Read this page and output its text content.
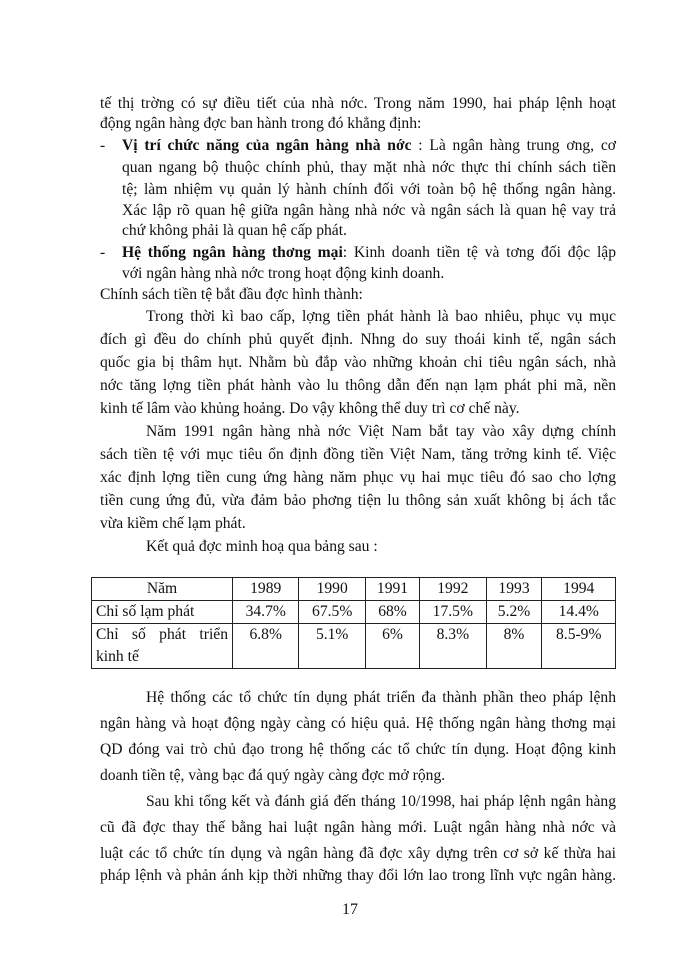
tế thị trờng có sự điều tiết của nhà nớc. Trong năm 1990, hai pháp lệnh hoạt
động ngân hàng đợc ban hành trong đó khẳng định:
-	Vị trí chức năng của ngân hàng nhà nớc : Là ngân hàng trung ơng, cơ
quan ngang bộ thuộc chính phủ, thay mặt nhà nớc thực thi chính sách tiền
tệ; làm nhiệm vụ quản lý hành chính đối với toàn bộ hệ thống ngân hàng.
Xác lập rõ quan hệ giữa ngân hàng nhà nớc và ngân sách là quan hệ vay trả
chứ không phải là quan hệ cấp phát.
-	Hệ thống ngân hàng thơng mại: Kinh doanh tiền tệ và tơng đối độc lập
với ngân hàng nhà nớc trong hoạt động kinh doanh.
Chính sách tiền tệ bắt đầu đợc hình thành:
Trong thời kì bao cấp, lợng tiền phát hành là bao nhiêu, phục vụ mục
đích gì đều do chính phủ quyết định. Nhng do suy thoái kinh tế, ngân sách
quốc gia bị thâm hụt. Nhằm bù đắp vào những khoản chi tiêu ngân sách, nhà
nớc tăng lợng tiền phát hành vào lu thông dẫn đến nạn lạm phát phi mã, nền
kinh tế lâm vào khủng hoảng. Do vậy không thể duy trì cơ chế này.
Năm 1991 ngân hàng nhà nớc Việt Nam bắt tay vào xây dựng chính
sách tiền tệ với mục tiêu ổn định đồng tiền Việt Nam, tăng trởng kinh tế. Việc
xác định lợng tiền cung ứng hàng năm phục vụ hai mục tiêu đó sao cho lợng
tiền cung ứng đủ, vừa đảm bảo phơng tiện lu thông sản xuất không bị ách tắc
vừa kiềm chế lạm phát.
Kết quả đợc minh hoạ qua bảng sau :
Năm	1989	1990	1991	1992	1993	1994
Chỉ số lạm phát	34.7%	67.5%	68%	17.5%	5.2%	14.4%

Chỉ số phát triển
kinh tế	6.8%	5.1%	6%	8.3%	8%	8.5-9%
Hệ thống các tổ chức tín dụng phát triển đa thành phần theo pháp lệnh
ngân hàng và hoạt động ngày càng có hiệu quả. Hệ thống ngân hàng thơng mại
QD đóng vai trò chủ đạo trong hệ thống các tổ chức tín dụng. Hoạt động kinh
doanh tiền tệ, vàng bạc đá quý ngày càng đợc mở rộng.
Sau khi tổng kết và đánh giá đến tháng 10/1998, hai pháp lệnh ngân hàng
cũ đã đợc thay thế bằng hai luật ngân hàng mới. Luật ngân hàng nhà nớc và
luật các tổ chức tín dụng và ngân hàng đã đợc xây dựng trên cơ sở kế thừa hai
pháp lệnh và phản ánh kịp thời những thay đổi lớn lao trong lĩnh vực ngân hàng.
17
